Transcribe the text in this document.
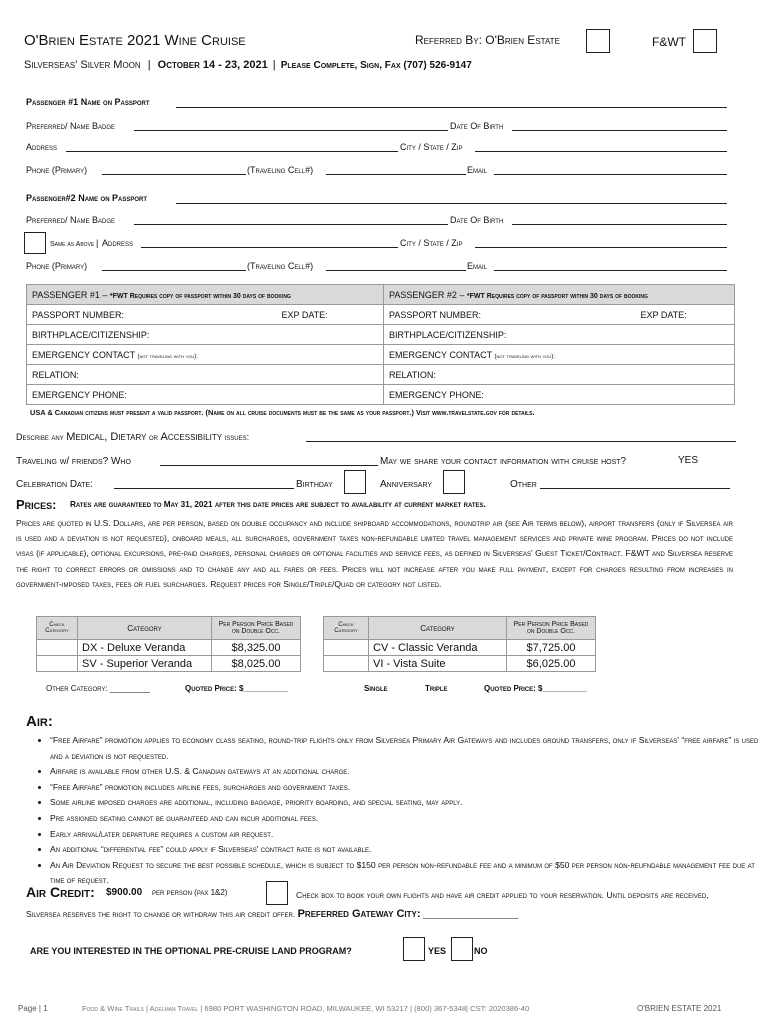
O'Brien Estate 2021 Wine Cruise	Referred By: O'Brien Estate	F&WT
Silverseas' Silver Moon | October 14 - 23, 2021 | Please Complete, Sign, Fax (707) 526-9147
Passenger #1 Name on Passport
Preferred/ Name Badge	Date Of Birth
Address	City / State / Zip
Phone (Primary)	(Traveling Cell#)	Email
Passenger#2 Name on Passport
Preferred/ Name Badge	Date Of Birth
Same as Above | Address	City / State / Zip
Phone (Primary)	(Traveling Cell#)	Email
PASSENGER #1 – *FWT Requires copy of passport within 30 days of booking	PASSENGER #2 – *FWT Requires copy of passport within 30 days of booking
PASSPORT NUMBER: EXP DATE:	PASSPORT NUMBER: EXP DATE:

BIRTHPLACE/CITIZENSHIP:	BIRTHPLACE/CITIZENSHIP:
EMERGENCY CONTACT (not traveling with you):	EMERGENCY CONTACT (not traveling with you):
RELATION:	RELATION:
EMERGENCY PHONE:	EMERGENCY PHONE:
USA & Canadian citizens must present a valid passport. (Name on all cruise documents must be the same as your passport.) Visit www.travelstate.gov for details.
Describe any Medical, Dietary or Accessibility issues:
Traveling w/ friends? Who	May we share your contact information with cruise host?	YES
Celebration Date:	Birthday	Anniversary	Other
Prices: Rates are guaranteed to May 31, 2021 after this date prices are subject to availability at current market rates.
Prices are quoted in U.S. Dollars, are per person, based on double occupancy and include shipboard accommodations, roundtrip air (see Air terms below), airport transfers (only if Silversea air is used and a deviation is not requested), onboard meals, all surcharges, government taxes non-refundable limited travel management services and private wine program. Prices do not include visas (if applicable), optional excursions, pre-paid charges, personal charges or optional facilities and service fees, as defined in Silverseas' Guest Ticket/Contract. F&WT and Silversea reserve the right to correct errors or omissions and to change any and all fares or fees. Prices will not increase after you make full payment, except for charges resulting from increases in government-imposed taxes, fees or fuel surcharges. Request prices for Single/Triple/Quad or category not listed.
Check Category	Category	Per Person Price Based on Double Occ.
	DX - Deluxe Veranda	$8,325.00
	SV - Superior Veranda	$8,025.00
Check Category	Category	Per Person Price Based on Double Occ.
	CV - Classic Veranda	$7,725.00
	VI - Vista Suite	$6,025.00
Other Category: _________	Quoted Price: $__________	Single	Triple	Quoted Price: $__________
Air:
• “Free Airfare” promotion applies to economy class seating, round-trip flights only from Silversea Primary Air Gateways and includes ground transfers, only if Silverseas' “free airfare” is used and a deviation is not requested.
• Airfare is available from other U.S. & Canadian gateways at an additional charge.
• “Free Airfare” promotion includes airline fees, surcharges and government taxes.
• Some airline imposed charges are additional, including baggage, priority boarding, and special seating, may apply.
• Pre assigned seating cannot be guaranteed and can incur additional fees.
• Early arrival/later departure requires a custom air request.
• An additional “differential fee” could apply if Silverseas' contract rate is not available.
• An Air Deviation Request to secure the best possible schedule, which is subject to $150 per person non-refundable fee and a minimum of $50 per person non-reufndable management fee due at time of request.
Air Credit: $900.00 per person (pax 1&2)	Check box to book your own flights and have air credit applied to your reservation. Until deposits are received, Silversea reserves the right to change or withdraw this air credit offer. Preferred Gateway City: ____________________
ARE YOU INTERESTED IN THE OPTIONAL PRE-CRUISE LAND PROGRAM?	YES	NO
Page | 1	Food & Wine Trails | Adelman Travel | 6980 PORT WASHINGTON ROAD, MILWAUKEE, WI 53217 | (800) 367-5348| CST: 2020386-40	O'BRIEN ESTATE 2021
